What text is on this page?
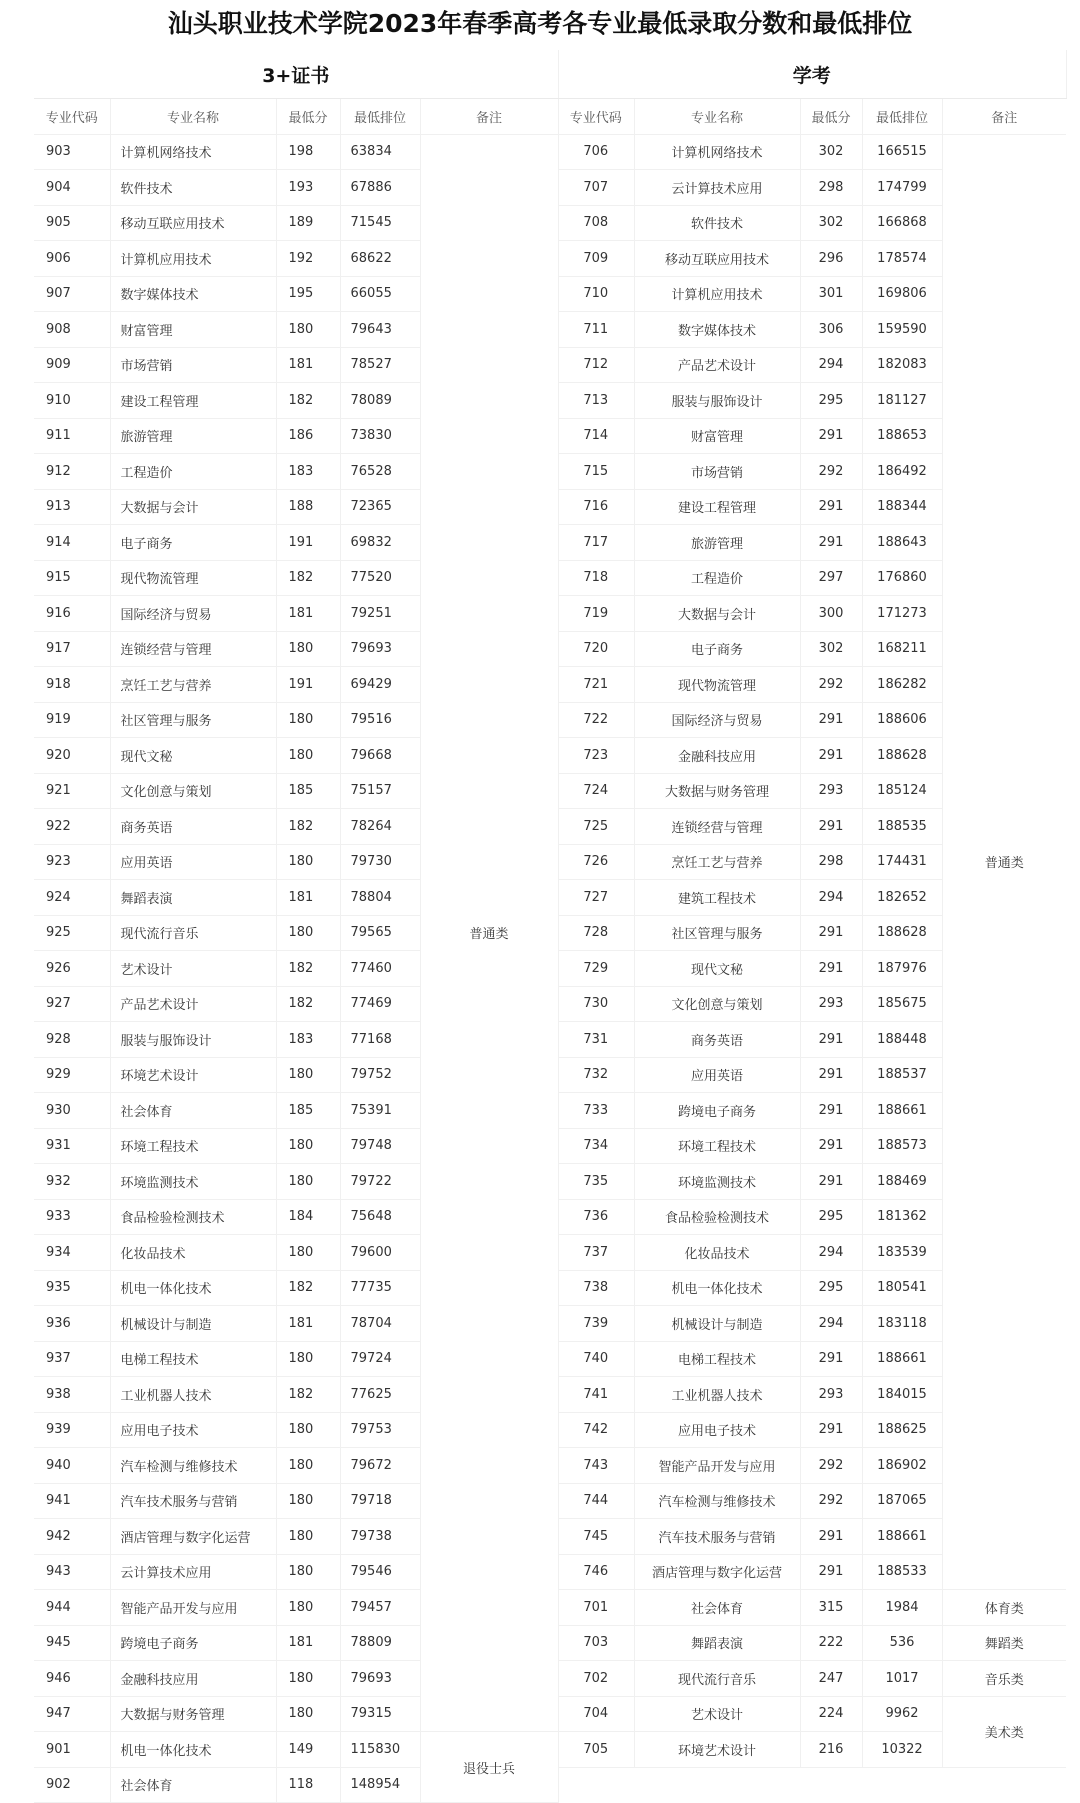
汕头职业技术学院2023年春季高考各专业最低录取分数和最低排位
3+证书				
专业代码	专业名称	最低分	最低排位	备注
903	计算机网络技术	198	63834	普通类
904	软件技术	193	67886	
905	移动互联应用技术	189	71545	
906	计算机应用技术	192	68622	
907	数字媒体技术	195	66055	
908	财富管理	180	79643	
909	市场营销	181	78527	
910	建设工程管理	182	78089	
911	旅游管理	186	73830	
912	工程造价	183	76528	
913	大数据与会计	188	72365	
914	电子商务	191	69832	
915	现代物流管理	182	77520	
916	国际经济与贸易	181	79251	
917	连锁经营与管理	180	79693	
918	烹饪工艺与营养	191	69429	
919	社区管理与服务	180	79516	
920	现代文秘	180	79668	
921	文化创意与策划	185	75157	
922	商务英语	182	78264	
923	应用英语	180	79730	
924	舞蹈表演	181	78804	
925	现代流行音乐	180	79565	
926	艺术设计	182	77460	
927	产品艺术设计	182	77469	
928	服装与服饰设计	183	77168	
929	环境艺术设计	180	79752	
930	社会体育	185	75391	
931	环境工程技术	180	79748	
932	环境监测技术	180	79722	
933	食品检验检测技术	184	75648	
934	化妆品技术	180	79600	
935	机电一体化技术	182	77735	
936	机械设计与制造	181	78704	
937	电梯工程技术	180	79724	
938	工业机器人技术	182	77625	
939	应用电子技术	180	79753	
940	汽车检测与维修技术	180	79672	
941	汽车技术服务与营销	180	79718	
942	酒店管理与数字化运营	180	79738	
943	云计算技术应用	180	79546	
944	智能产品开发与应用	180	79457	
945	跨境电子商务	181	78809	
946	金融科技应用	180	79693	
947	大数据与财务管理	180	79315	
901	机电一体化技术	149	115830	退役士兵
902	社会体育	118	148954	
学考				
专业代码	专业名称	最低分	最低排位	备注
706	计算机网络技术	302	166515	普通类
707	云计算技术应用	298	174799	
708	软件技术	302	166868	
709	移动互联应用技术	296	178574	
710	计算机应用技术	301	169806	
711	数字媒体技术	306	159590	
712	产品艺术设计	294	182083	
713	服装与服饰设计	295	181127	
714	财富管理	291	188653	
715	市场营销	292	186492	
716	建设工程管理	291	188344	
717	旅游管理	291	188643	
718	工程造价	297	176860	
719	大数据与会计	300	171273	
720	电子商务	302	168211	
721	现代物流管理	292	186282	
722	国际经济与贸易	291	188606	
723	金融科技应用	291	188628	
724	大数据与财务管理	293	185124	
725	连锁经营与管理	291	188535	
726	烹饪工艺与营养	298	174431	
727	建筑工程技术	294	182652	
728	社区管理与服务	291	188628	
729	现代文秘	291	187976	
730	文化创意与策划	293	185675	
731	商务英语	291	188448	
732	应用英语	291	188537	
733	跨境电子商务	291	188661	
734	环境工程技术	291	188573	
735	环境监测技术	291	188469	
736	食品检验检测技术	295	181362	
737	化妆品技术	294	183539	
738	机电一体化技术	295	180541	
739	机械设计与制造	294	183118	
740	电梯工程技术	291	188661	
741	工业机器人技术	293	184015	
742	应用电子技术	291	188625	
743	智能产品开发与应用	292	186902	
744	汽车检测与维修技术	292	187065	
745	汽车技术服务与营销	291	188661	
746	酒店管理与数字化运营	291	188533	
701	社会体育	315	1984	体育类
703	舞蹈表演	222	536	舞蹈类
702	现代流行音乐	247	1017	音乐类
704	艺术设计	224	9962	美术类
705	环境艺术设计	216	10322	
